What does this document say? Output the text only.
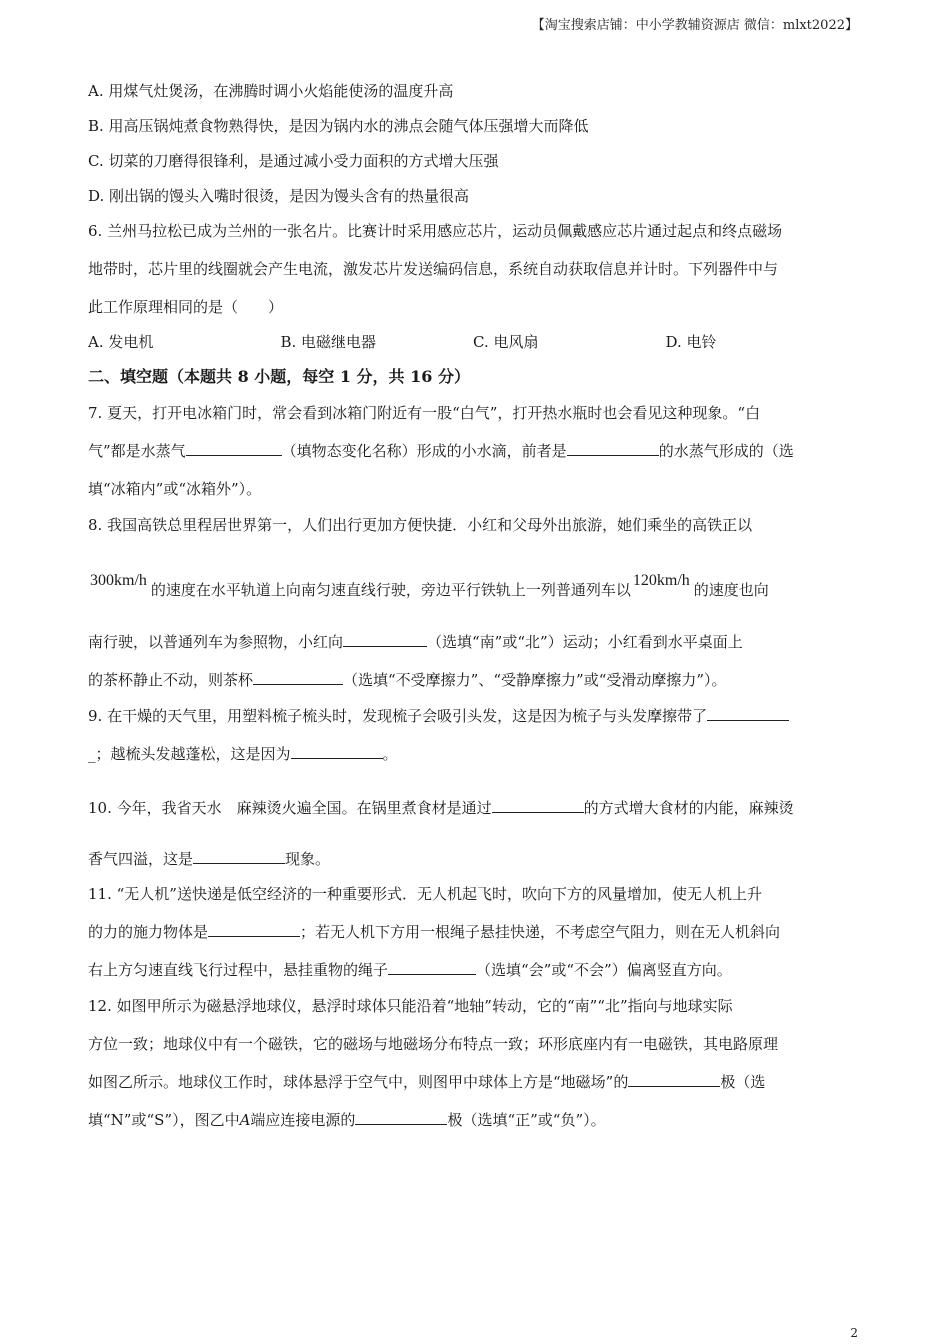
【淘宝搜索店铺：中小学教辅资源店 微信：mlxt2022】
A. 用煤气灶煲汤，在沸腾时调小火焰能使汤的温度升高
B. 用高压锅炖煮食物熟得快，是因为锅内水的沸点会随气体压强增大而降低
C. 切菜的刀磨得很锋利，是通过减小受力面积的方式增大压强
D. 刚出锅的馒头入嘴时很烫，是因为馒头含有的热量很高
6. 兰州马拉松已成为兰州的一张名片。比赛计时采用感应芯片，运动员佩戴感应芯片通过起点和终点磁场
地带时，芯片里的线圈就会产生电流，激发芯片发送编码信息，系统自动获取信息并计时。下列器件中与
此工作原理相同的是（　　）
A. 发电机	B. 电磁继电器	C. 电风扇	D. 电铃
二、填空题（本题共 8 小题，每空 1 分，共 16 分）
7. 夏天，打开电冰箱门时，常会看到冰箱门附近有一股“白气”，打开热水瓶时也会看见这种现象。“白
气”都是水蒸气	（填物态变化名称）形成的小水滴，前者是	的水蒸气形成的（选
填“冰箱内”或“冰箱外”）。
8. 我国高铁总里程居世界第一，人们出行更加方便快捷．小红和父母外出旅游，她们乘坐的高铁正以
300km/h的速度在水平轨道上向南匀速直线行驶，旁边平行铁轨上一列普通列车以120km/h的速度也向
南行驶，以普通列车为参照物，小红向	（选填“南”或“北”）运动；小红看到水平桌面上
的茶杯静止不动，则茶杯	（选填“不受摩擦力”、“受静摩擦力”或“受滑动摩擦力”）。
9. 在干燥的天气里，用塑料梳子梳头时，发现梳子会吸引头发，这是因为梳子与头发摩擦带了
_；越梳头发越蓬松，这是因为	。
10. 今年，我省天水　麻辣烫火遍全国。在锅里煮食材是通过	的方式增大食材的内能，麻辣烫
香气四溢，这是	现象。
11. “无人机”送快递是低空经济的一种重要形式．无人机起飞时，吹向下方的风量增加，使无人机上升
的力的施力物体是	；若无人机下方用一根绳子悬挂快递，不考虑空气阻力，则在无人机斜向
右上方匀速直线飞行过程中，悬挂重物的绳子	（选填“会”或“不会”）偏离竖直方向。
12. 如图甲所示为磁悬浮地球仪，悬浮时球体只能沿着“地轴”转动，它的“南”“北”指向与地球实际
方位一致；地球仪中有一个磁铁，它的磁场与地磁场分布特点一致；环形底座内有一电磁铁，其电路原理
如图乙所示。地球仪工作时，球体悬浮于空气中，则图甲中球体上方是“地磁场”的	极（选
填“N”或“S”），图乙中A端应连接电源的	极（选填“正”或“负”）。
2
